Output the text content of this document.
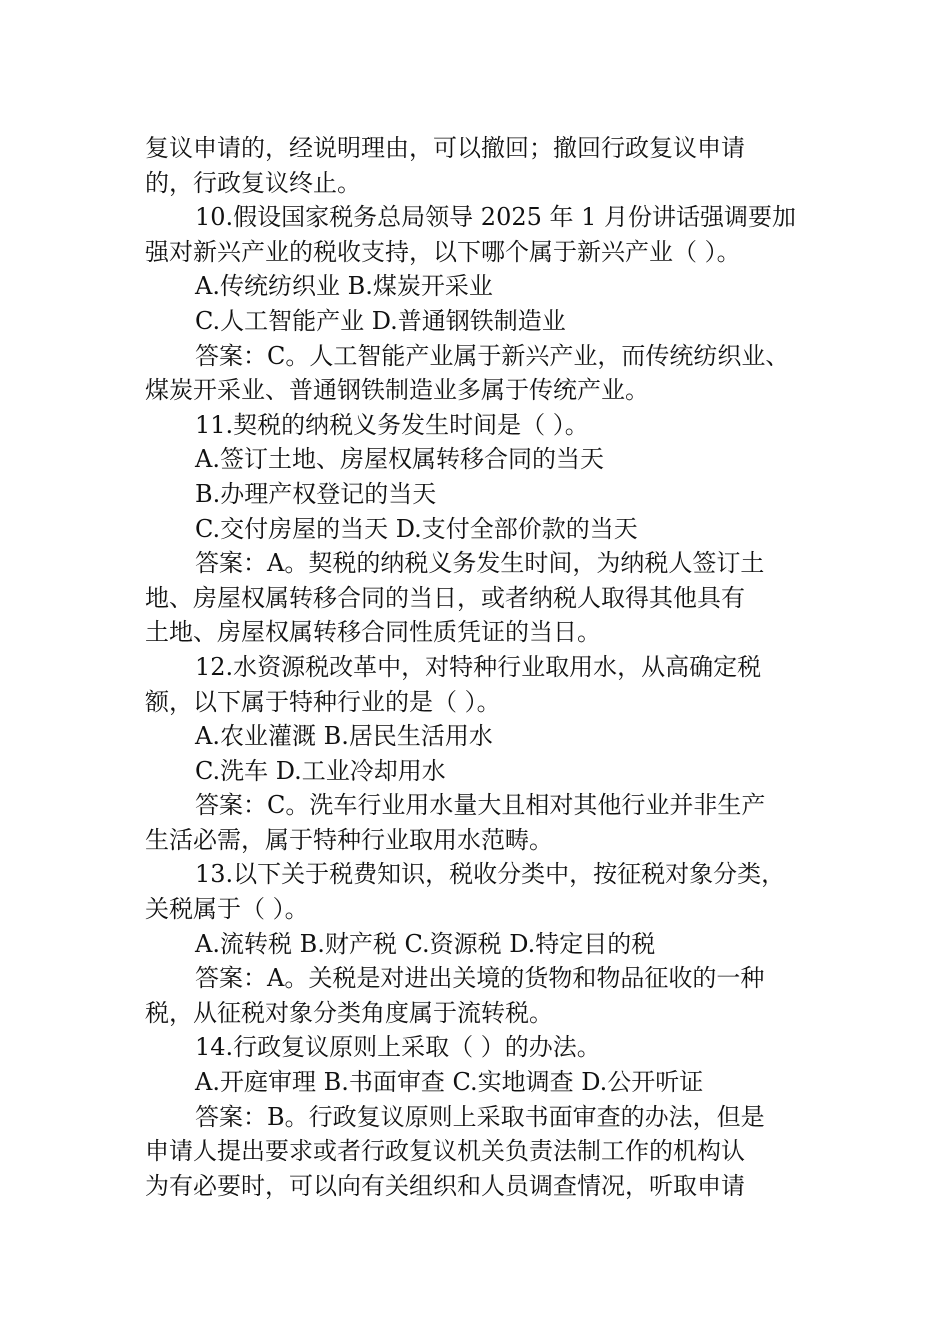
复议申请的，经说明理由，可以撤回；撤回行政复议申请
的，行政复议终止。
10.假设国家税务总局领导 2025 年 1 月份讲话强调要加
强对新兴产业的税收支持，以下哪个属于新兴产业（ ）。
A.传统纺织业 B.煤炭开采业
C.人工智能产业 D.普通钢铁制造业
答案：C。人工智能产业属于新兴产业，而传统纺织业、
煤炭开采业、普通钢铁制造业多属于传统产业。
11.契税的纳税义务发生时间是（ ）。
A.签订土地、房屋权属转移合同的当天
B.办理产权登记的当天
C.交付房屋的当天 D.支付全部价款的当天
答案：A。契税的纳税义务发生时间，为纳税人签订土
地、房屋权属转移合同的当日，或者纳税人取得其他具有
土地、房屋权属转移合同性质凭证的当日。
12.水资源税改革中，对特种行业取用水，从高确定税
额，以下属于特种行业的是（ ）。
A.农业灌溉 B.居民生活用水
C.洗车 D.工业冷却用水
答案：C。洗车行业用水量大且相对其他行业并非生产
生活必需，属于特种行业取用水范畴。
13.以下关于税费知识，税收分类中，按征税对象分类，
关税属于（ ）。
A.流转税 B.财产税 C.资源税 D.特定目的税
答案：A。关税是对进出关境的货物和物品征收的一种
税，从征税对象分类角度属于流转税。
14.行政复议原则上采取（ ）的办法。
A.开庭审理 B.书面审查 C.实地调查 D.公开听证
答案：B。行政复议原则上采取书面审查的办法，但是
申请人提出要求或者行政复议机关负责法制工作的机构认
为有必要时，可以向有关组织和人员调查情况，听取申请
